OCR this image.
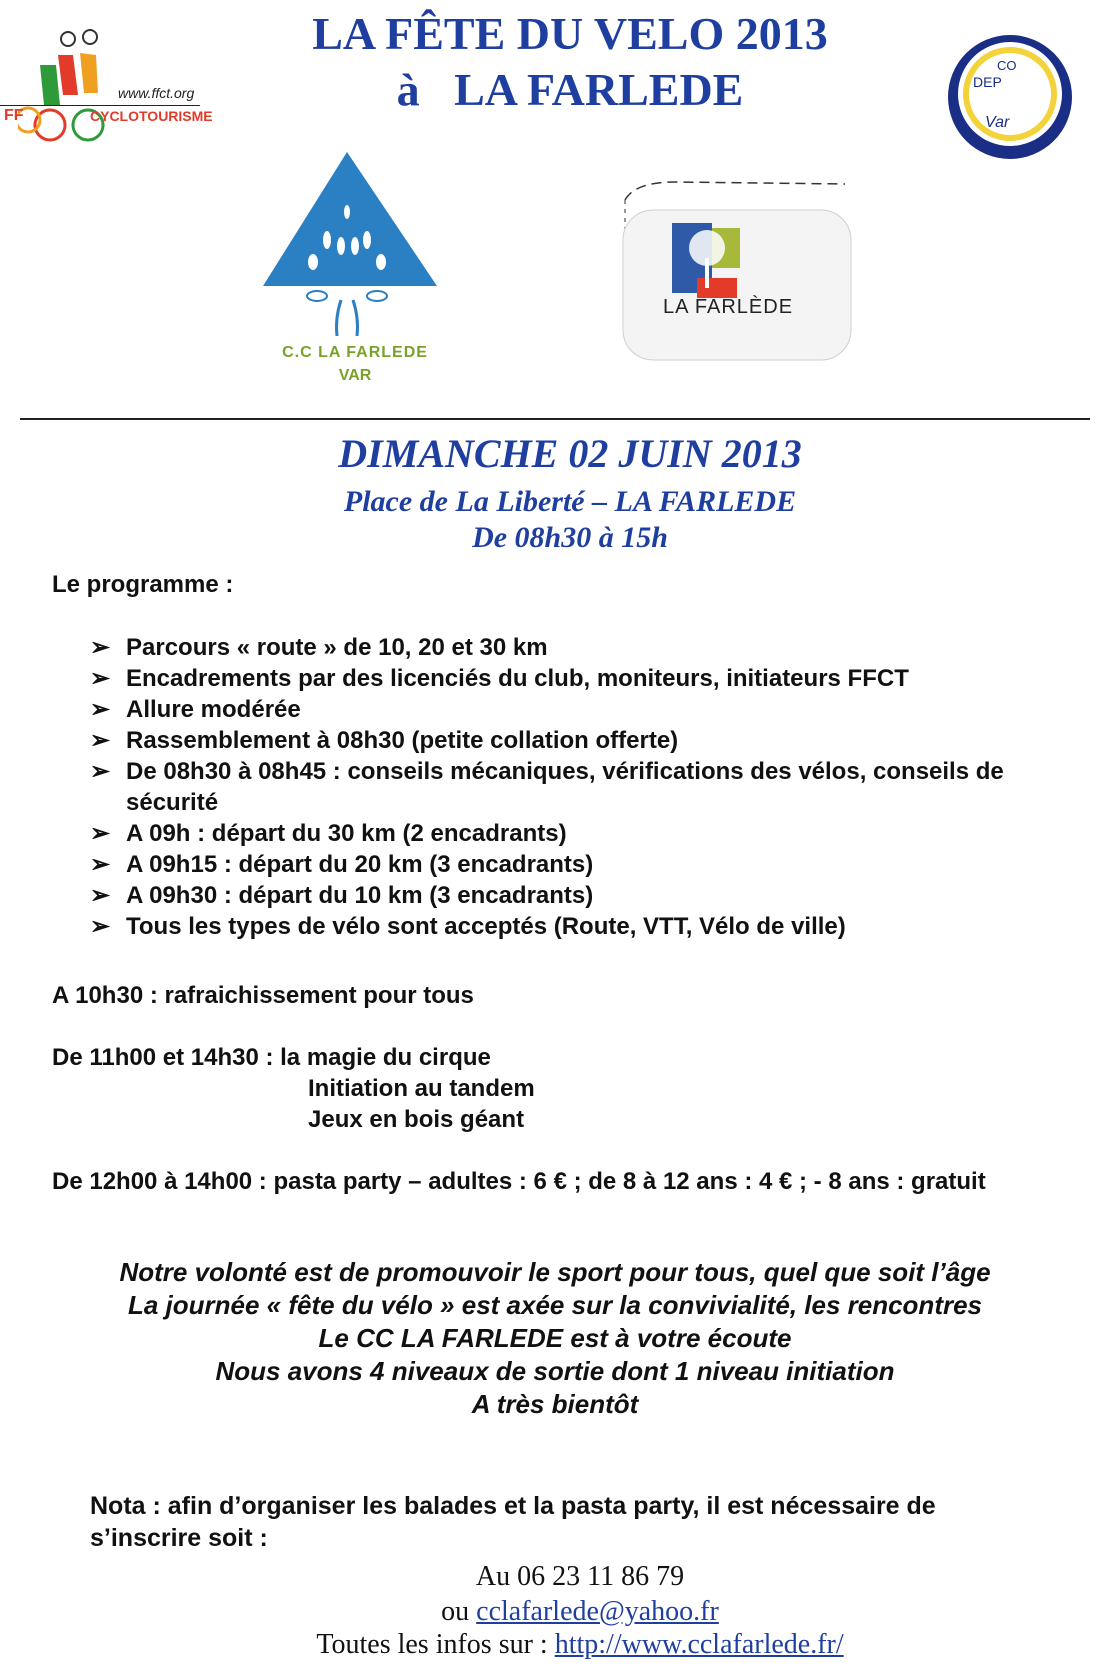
www.ffct.org
FF	CYCLOTOURISME
LA FÊTE DU VELO 2013
à   LA FARLEDE	CO
DEP
Var
C.C LA FARLEDE
VAR
LA FARLÈDE
DIMANCHE 02 JUIN 2013
Place de La Liberté – LA FARLEDE
De 08h30 à 15h
Le programme :
➢ Parcours « route » de 10, 20 et 30 km
➢ Encadrements par des licenciés du club, moniteurs, initiateurs FFCT
➢ Allure modérée
➢ Rassemblement à 08h30 (petite collation offerte)
➢ De 08h30 à 08h45 : conseils mécaniques, vérifications des vélos, conseils de sécurité
➢ A 09h : départ du 30 km (2 encadrants)
➢ A 09h15 : départ du 20 km (3 encadrants)
➢ A 09h30 : départ du 10 km (3 encadrants)
➢ Tous les types de vélo sont acceptés (Route, VTT, Vélo de ville)
A 10h30 : rafraichissement pour tous
De 11h00 et 14h30 : la magie du cirque
Initiation au tandem
Jeux en bois géant
De 12h00 à 14h00 : pasta party – adultes : 6 € ; de 8 à 12 ans : 4 € ; - 8 ans : gratuit
Notre volonté est de promouvoir le sport pour tous, quel que soit l’âge
La journée « fête du vélo » est axée sur la convivialité, les rencontres
Le CC LA FARLEDE est à votre écoute
Nous avons 4 niveaux de sortie dont 1 niveau initiation
A très bientôt
Nota : afin d’organiser les balades et la pasta party, il est nécessaire de s’inscrire soit :
Au 06 23 11 86 79
ou cclafarlede@yahoo.fr
Toutes les infos sur : http://www.cclafarlede.fr/
